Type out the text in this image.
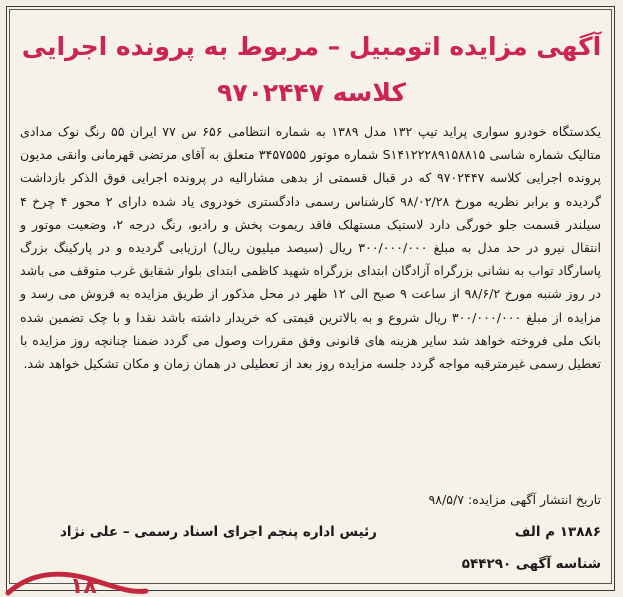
آگهی مزایده اتومبیل – مربوط به پرونده اجرایی کلاسه ۹۷۰۲۴۴۷
یکدستگاه خودرو سواری پراید تیپ ۱۳۲ مدل ۱۳۸۹ به شماره انتظامی ۶۵۶ س ۷۷ ایران ۵۵ رنگ نوک مدادی متالیک شماره شاسی S۱۴۱۲۲۲۸۹۱۵۸۸۱۵ شماره موتور ۳۴۵۷۵۵۵ متعلق به آقای مرتضی قهرمانی وانقی مدیون پرونده اجرایی کلاسه ۹۷۰۲۴۴۷ که در قبال قسمتی از بدهی مشارالیه در پرونده اجرایی فوق الذکر بازداشت گردیده و برابر نظریه مورخ ۹۸/۰۲/۲۸ کارشناس رسمی دادگستری خودروی یاد شده دارای ۲ محور ۴ چرخ ۴ سیلندر قسمت جلو خورگی دارد لاستیک مستهلک فاقد ریموت پخش و رادیو، رنگ درجه ۲، وضعیت موتور و انتقال نیرو در حد مدل به مبلغ ۳۰۰/۰۰۰/۰۰۰ ریال (سیصد میلیون ریال) ارزیابی گردیده و در پارکینگ بزرگ پاسارگاد تواب به نشانی بزرگراه آزادگان ابتدای بزرگراه شهید کاظمی ابتدای بلوار شقایق غرب متوقف می باشد در روز شنبه مورخ ۹۸/۶/۲ از ساعت ۹ صبح الی ۱۲ ظهر در محل مذکور از طریق مزایده به فروش می رسد و مزایده از مبلغ ۳۰۰/۰۰۰/۰۰۰ ریال شروع و به بالاترین قیمتی که خریدار داشته باشد نقدا و با چک تضمین شده بانک ملی فروخته خواهد شد سایر هزینه های قانونی وفق مقررات وصول می گردد ضمنا چنانچه روز مزایده با تعطیل رسمی غیرمترقبه مواجه گردد جلسه مزایده روز بعد از تعطیلی در همان زمان و مکان تشکیل خواهد شد.
تاریخ انتشار آگهی مزایده: ۹۸/۵/۷
۱۳۸۸۶ م الف
رئیس اداره پنجم اجرای اسناد رسمی – علی نژاد
شناسه آگهی ۵۴۴۲۹۰
۱۸
